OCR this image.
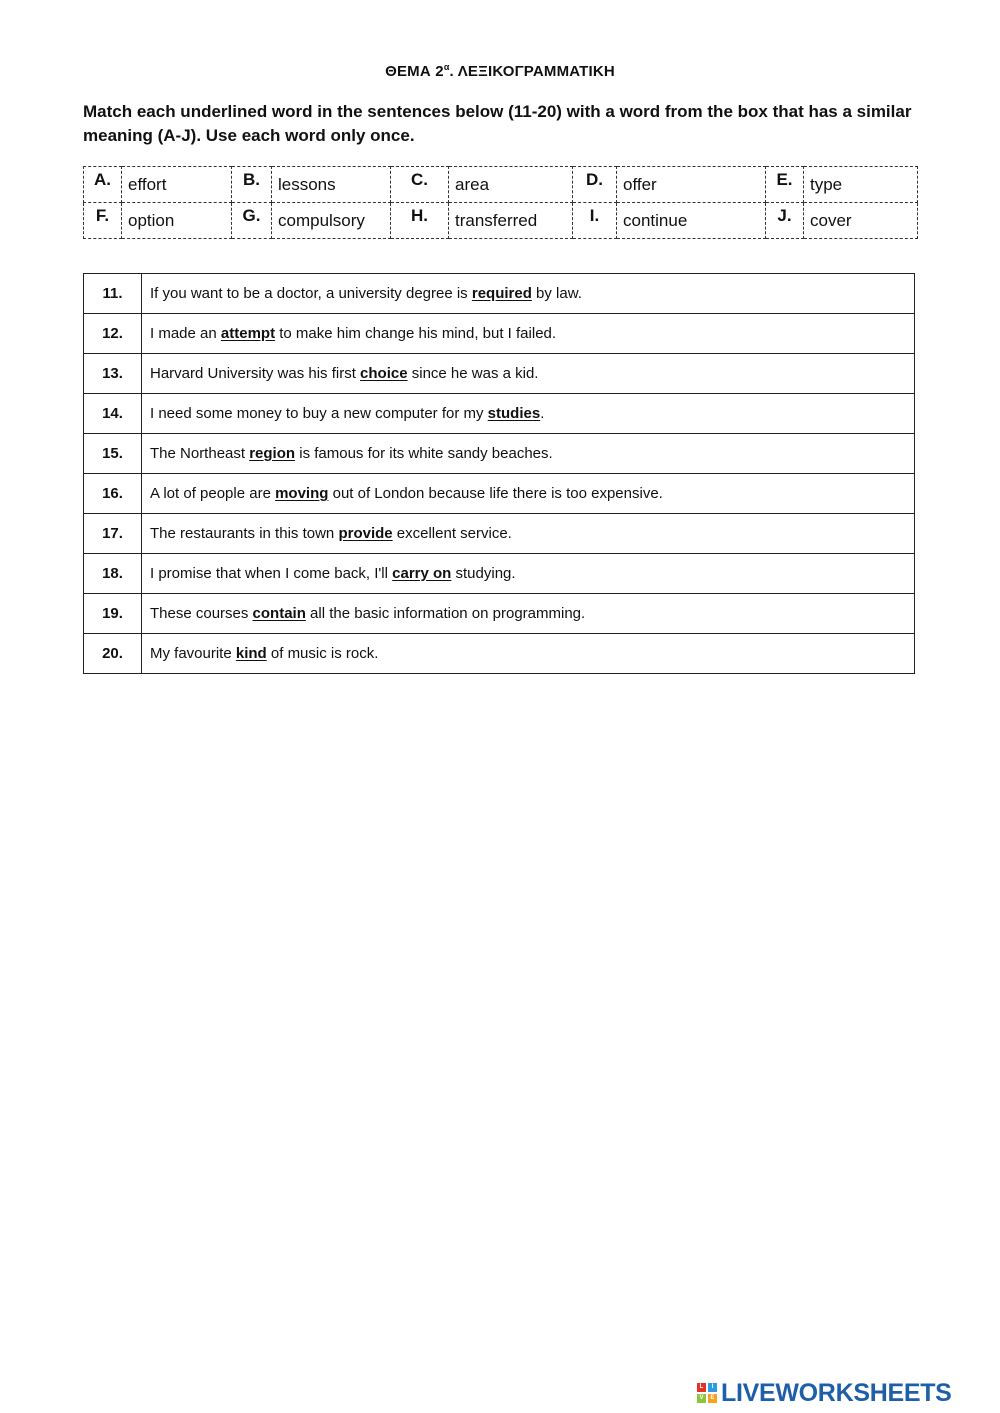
ΘΕΜΑ $2^\alpha$. ΛΕΞΙΚΟΓΡΑΜΜΑΤΙΚΗ
Match each underlined word in the sentences below (11-20) with a word from the box that has a similar meaning (A-J). Use each word only once.
A.	effort	B.	lessons	C.	area	D.	offer	E.	type
F.	option	G.	compulsory	H.	transferred	I.	continue	J.	cover
11.	If you want to be a doctor, a university degree is required by law.
12.	I made an attempt to make him change his mind, but I failed.
13.	Harvard University was his first choice since he was a kid.
14.	I need some money to buy a new computer for my studies.
15.	The Northeast region is famous for its white sandy beaches.
16.	A lot of people are moving out of London because life there is too expensive.
17.	The restaurants in this town provide excellent service.
18.	I promise that when I come back, I'll carry on studying.
19.	These courses contain all the basic information on programming.
20.	My favourite kind of music is rock.
L	I
V	E LIVEWORKSHEETS
